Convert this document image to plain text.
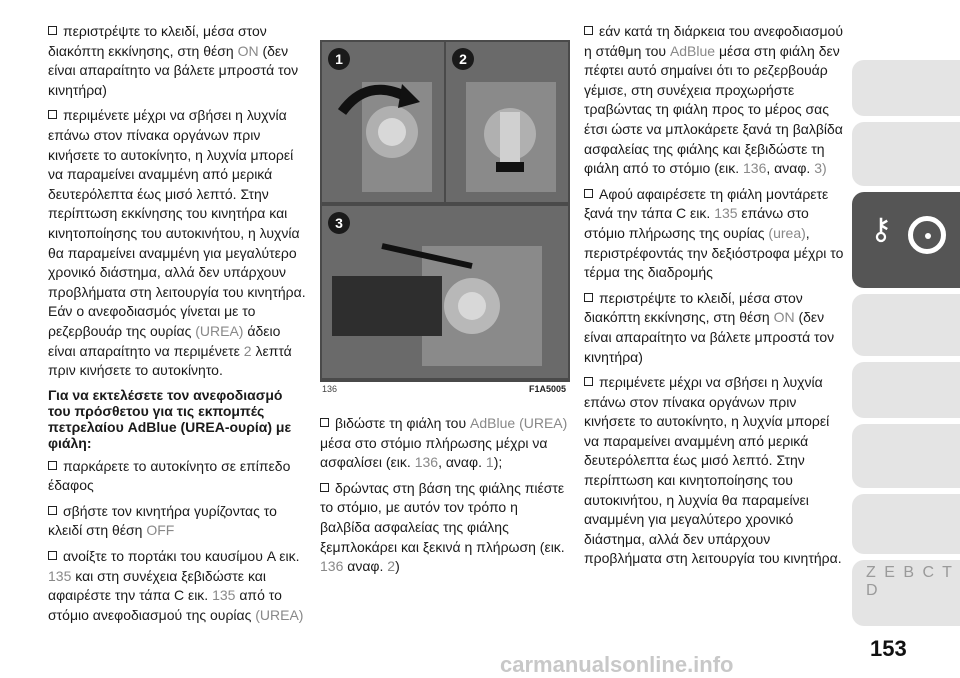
περιστρέψτε το κλειδί, μέσα στον διακόπτη εκκίνησης, στη θέση ON (δεν είναι απαραίτητο να βάλετε μπροστά τον κινητήρα)

περιμένετε μέχρι να σβήσει η λυχνία επάνω στον πίνακα οργάνων πριν κινήσετε το αυτοκίνητο, η λυχνία μπορεί να παραμείνει αναμμένη από μερικά δευτερόλεπτα έως μισό λεπτό. Στην περίπτωση εκκίνησης του κινητήρα και κινητοποίησης του αυτοκινήτου, η λυχνία θα παραμείνει αναμμένη για μεγαλύτερο χρονικό διάστημα, αλλά δεν υπάρχουν προβλήματα στη λειτουργία του κινητήρα. Εάν ο ανεφοδιασμός γίνεται με το ρεζερβουάρ της ουρίας (UREA) άδειο είναι απαραίτητο να περιμένετε 2 λεπτά πριν κινήσετε το αυτοκίνητο.

Για να εκτελέσετε τον ανεφοδιασμό του πρόσθετου για τις εκπομπές πετρελαίου AdBlue (UREA-ουρία) με φιάλη:

παρκάρετε το αυτοκίνητο σε επίπεδο έδαφος

σβήστε τον κινητήρα γυρίζοντας το κλειδί στη θέση OFF

ανοίξτε το πορτάκι του καυσίμου A εικ. 135 και στη συνέχεια ξεβιδώστε και αφαιρέστε την τάπα C εικ. 135 από το στόμιο ανεφοδιασμού της ουρίας (UREA)

1	2
3
136	F1A5005

βιδώστε τη φιάλη του AdBlue (UREA) μέσα στο στόμιο πλήρωσης μέχρι να ασφαλίσει (εικ. 136, αναφ. 1);

δρώντας στη βάση της φιάλης πιέστε το στόμιο, με αυτόν τον τρόπο η βαλβίδα ασφαλείας της φιάλης ξεμπλοκάρει και ξεκινά η πλήρωση (εικ. 136 αναφ. 2)

εάν κατά τη διάρκεια του ανεφοδιασμού η στάθμη του AdBlue μέσα στη φιάλη δεν πέφτει αυτό σημαίνει ότι το ρεζερβουάρ γέμισε, στη συνέχεια προχωρήστε τραβώντας τη φιάλη προς το μέρος σας έτσι ώστε να μπλοκάρετε ξανά τη βαλβίδα ασφαλείας της φιάλης και ξεβιδώστε τη φιάλη από το στόμιο (εικ. 136, αναφ. 3)

Αφού αφαιρέσετε τη φιάλη μοντάρετε ξανά την τάπα C εικ. 135 επάνω στο στόμιο πλήρωσης της ουρίας (urea), περιστρέφοντάς την δεξιόστροφα μέχρι το τέρμα της διαδρομής

περιστρέψτε το κλειδί, μέσα στον διακόπτη εκκίνησης, στη θέση ON (δεν είναι απαραίτητο να βάλετε μπροστά τον κινητήρα)

περιμένετε μέχρι να σβήσει η λυχνία επάνω στον πίνακα οργάνων πριν κινήσετε το αυτοκίνητο, η λυχνία μπορεί να παραμείνει αναμμένη από μερικά δευτερόλεπτα έως μισό λεπτό. Στην περίπτωση και κινητοποίησης του αυτοκινήτου, η λυχνία θα παραμείνει αναμμένη για μεγαλύτερο χρονικό διάστημα, αλλά δεν υπάρχουν προβλήματα στη λειτουργία του κινητήρα.

⚷
Z E B C T D
153
carmanualsonline.info
